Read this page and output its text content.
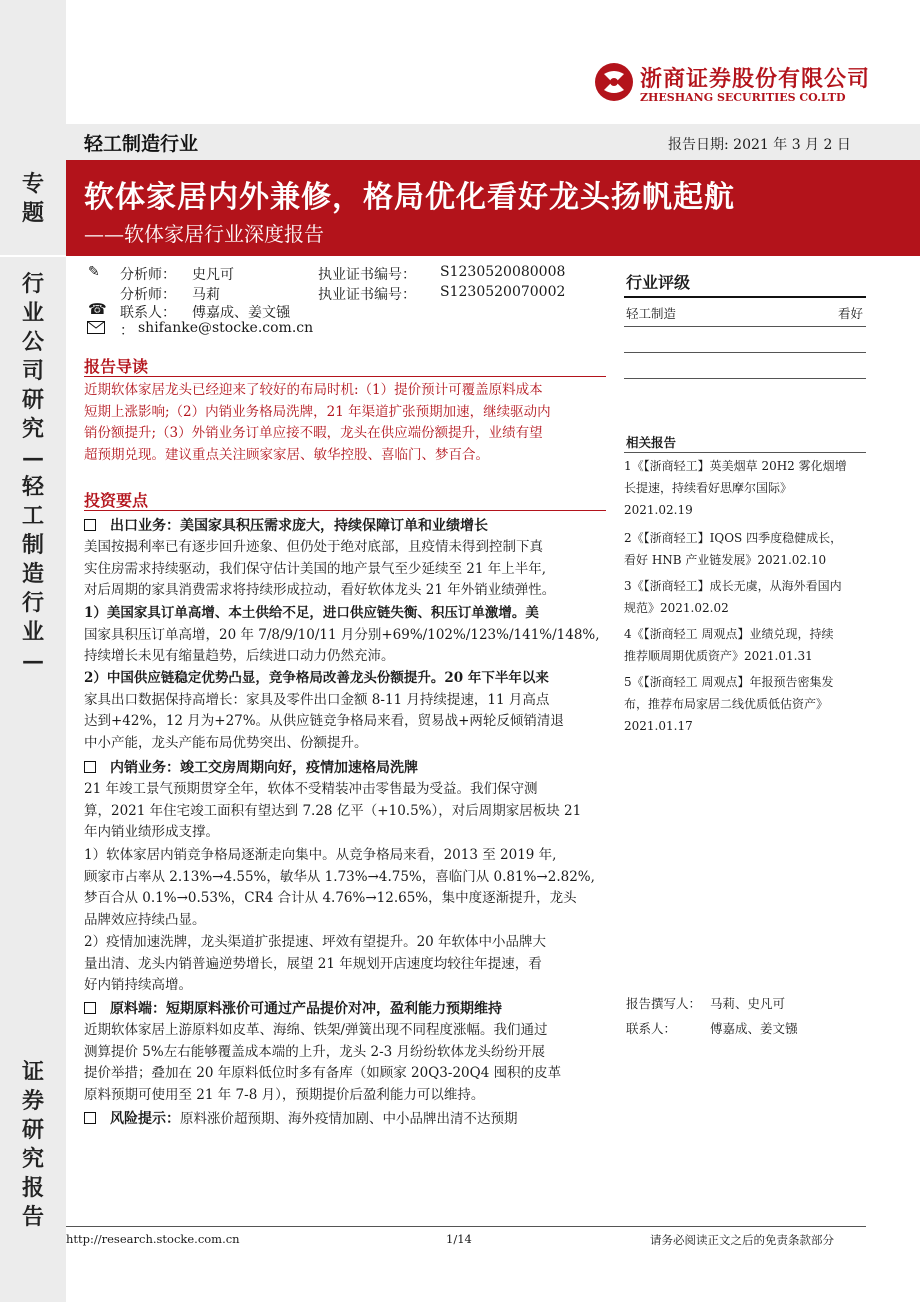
专
题
行
业
公
司
研
究
—
轻
工
制
造
行
业
—
证
券
研
究
报
告
浙商证券股份有限公司
ZHESHANG SECURITIES CO.LTD
轻工制造行业	报告日期: 2021 年 3 月 2 日
软体家居内外兼修，格局优化看好龙头扬帆起航
——软体家居行业深度报告
✎ 分析师： 史凡可	执业证书编号： S1230520080008
分析师： 马莉	执业证书编号： S1230520070002
☎ 联系人： 傅嘉成、姜文镪
： shifanke@stocke.com.cn
报告导读
近期软体家居龙头已经迎来了较好的布局时机:（1）提价预计可覆盖原料成本
短期上涨影响;（2）内销业务格局洗牌，21 年渠道扩张预期加速，继续驱动内
销份额提升;（3）外销业务订单应接不暇，龙头在供应端份额提升，业绩有望
超预期兑现。建议重点关注顾家家居、敏华控股、喜临门、梦百合。
投资要点
出口业务：美国家具积压需求庞大，持续保障订单和业绩增长
美国按揭利率已有逐步回升迹象、但仍处于绝对底部，且疫情未得到控制下真
实住房需求持续驱动，我们保守估计美国的地产景气至少延续至 21 年上半年,
对后周期的家具消费需求将持续形成拉动，看好软体龙头 21 年外销业绩弹性。
1）美国家具订单高增、本土供给不足，进口供应链失衡、积压订单激增。美
国家具积压订单高增，20 年 7/8/9/10/11 月分别+69%/102%/123%/141%/148%,
持续增长未见有缩量趋势，后续进口动力仍然充沛。
2）中国供应链稳定优势凸显，竞争格局改善龙头份额提升。20 年下半年以来
家具出口数据保持高增长：家具及零件出口金额 8-11 月持续提速，11 月高点
达到+42%，12 月为+27%。从供应链竞争格局来看，贸易战+两轮反倾销清退
中小产能，龙头产能布局优势突出、份额提升。
内销业务：竣工交房周期向好，疫情加速格局洗牌
21 年竣工景气预期贯穿全年，软体不受精装冲击零售最为受益。我们保守测
算，2021 年住宅竣工面积有望达到 7.28 亿平（+10.5%），对后周期家居板块 21
年内销业绩形成支撑。
1）软体家居内销竞争格局逐渐走向集中。从竞争格局来看，2013 至 2019 年,
顾家市占率从 2.13%→4.55%，敏华从 1.73%→4.75%，喜临门从 0.81%→2.82%,
梦百合从 0.1%→0.53%，CR4 合计从 4.76%→12.65%，集中度逐渐提升，龙头
品牌效应持续凸显。
2）疫情加速洗牌，龙头渠道扩张提速、坪效有望提升。20 年软体中小品牌大
量出清、龙头内销普遍逆势增长，展望 21 年规划开店速度均较往年提速，看
好内销持续高增。
原料端：短期原料涨价可通过产品提价对冲，盈利能力预期维持
近期软体家居上游原料如皮革、海绵、铁架/弹簧出现不同程度涨幅。我们通过
测算提价 5%左右能够覆盖成本端的上升，龙头 2-3 月纷纷软体龙头纷纷开展
提价举措；叠加在 20 年原料低位时多有备库（如顾家 20Q3-20Q4 囤积的皮革
原料预期可使用至 21 年 7-8 月），预期提价后盈利能力可以维持。
风险提示：原料涨价超预期、海外疫情加剧、中小品牌出清不达预期
行业评级
轻工制造	看好
相关报告
1《【浙商轻工】英美烟草 20H2 雾化烟增
长提速，持续看好思摩尔国际》
2021.02.19
2《【浙商轻工】IQOS 四季度稳健成长，
看好 HNB 产业链发展》2021.02.10
3《【浙商轻工】成长无虞，从海外看国内
规范》2021.02.02
4《【浙商轻工 周观点】业绩兑现，持续
推荐顺周期优质资产》2021.01.31
5《【浙商轻工 周观点】年报预告密集发
布，推荐布局家居二线优质低估资产》
2021.01.17
报告撰写人： 马莉、史凡可
联系人：	傅嘉成、姜文镪
http://research.stocke.com.cn	1/14	请务必阅读正文之后的免责条款部分
